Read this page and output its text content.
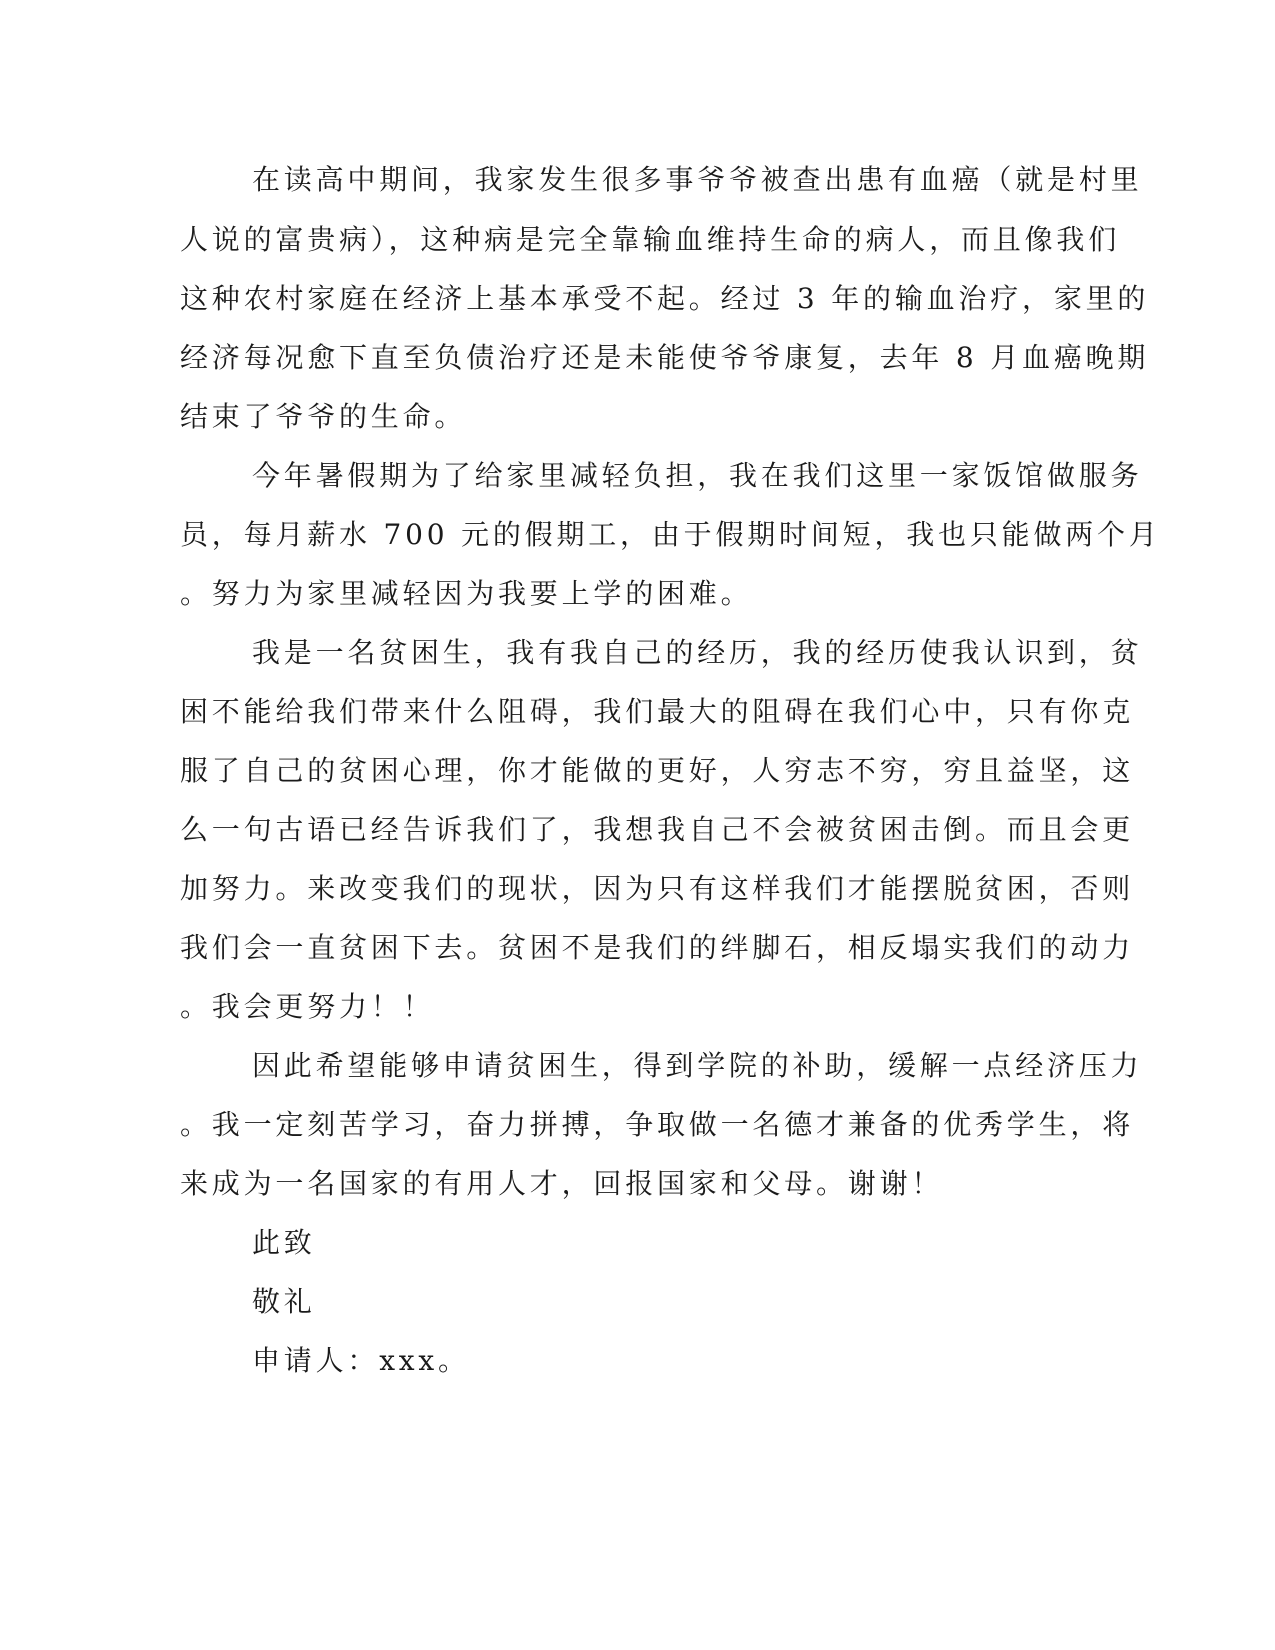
在读高中期间，我家发生很多事爷爷被查出患有血癌（就是村里

人说的富贵病），这种病是完全靠输血维持生命的病人，而且像我们

这种农村家庭在经济上基本承受不起。经过 3 年的输血治疗，家里的

经济每况愈下直至负债治疗还是未能使爷爷康复，去年 8 月血癌晚期

结束了爷爷的生命。

今年暑假期为了给家里减轻负担，我在我们这里一家饭馆做服务

员，每月薪水 700 元的假期工，由于假期时间短，我也只能做两个月

。努力为家里减轻因为我要上学的困难。

我是一名贫困生，我有我自己的经历，我的经历使我认识到，贫

困不能给我们带来什么阻碍，我们最大的阻碍在我们心中，只有你克

服了自己的贫困心理，你才能做的更好，人穷志不穷，穷且益坚，这

么一句古语已经告诉我们了，我想我自己不会被贫困击倒。而且会更

加努力。来改变我们的现状，因为只有这样我们才能摆脱贫困，否则

我们会一直贫困下去。贫困不是我们的绊脚石，相反塌实我们的动力

。我会更努力！！

因此希望能够申请贫困生，得到学院的补助，缓解一点经济压力

。我一定刻苦学习，奋力拼搏，争取做一名德才兼备的优秀学生，将

来成为一名国家的有用人才，回报国家和父母。谢谢！

此致

敬礼

申请人：xxx。
